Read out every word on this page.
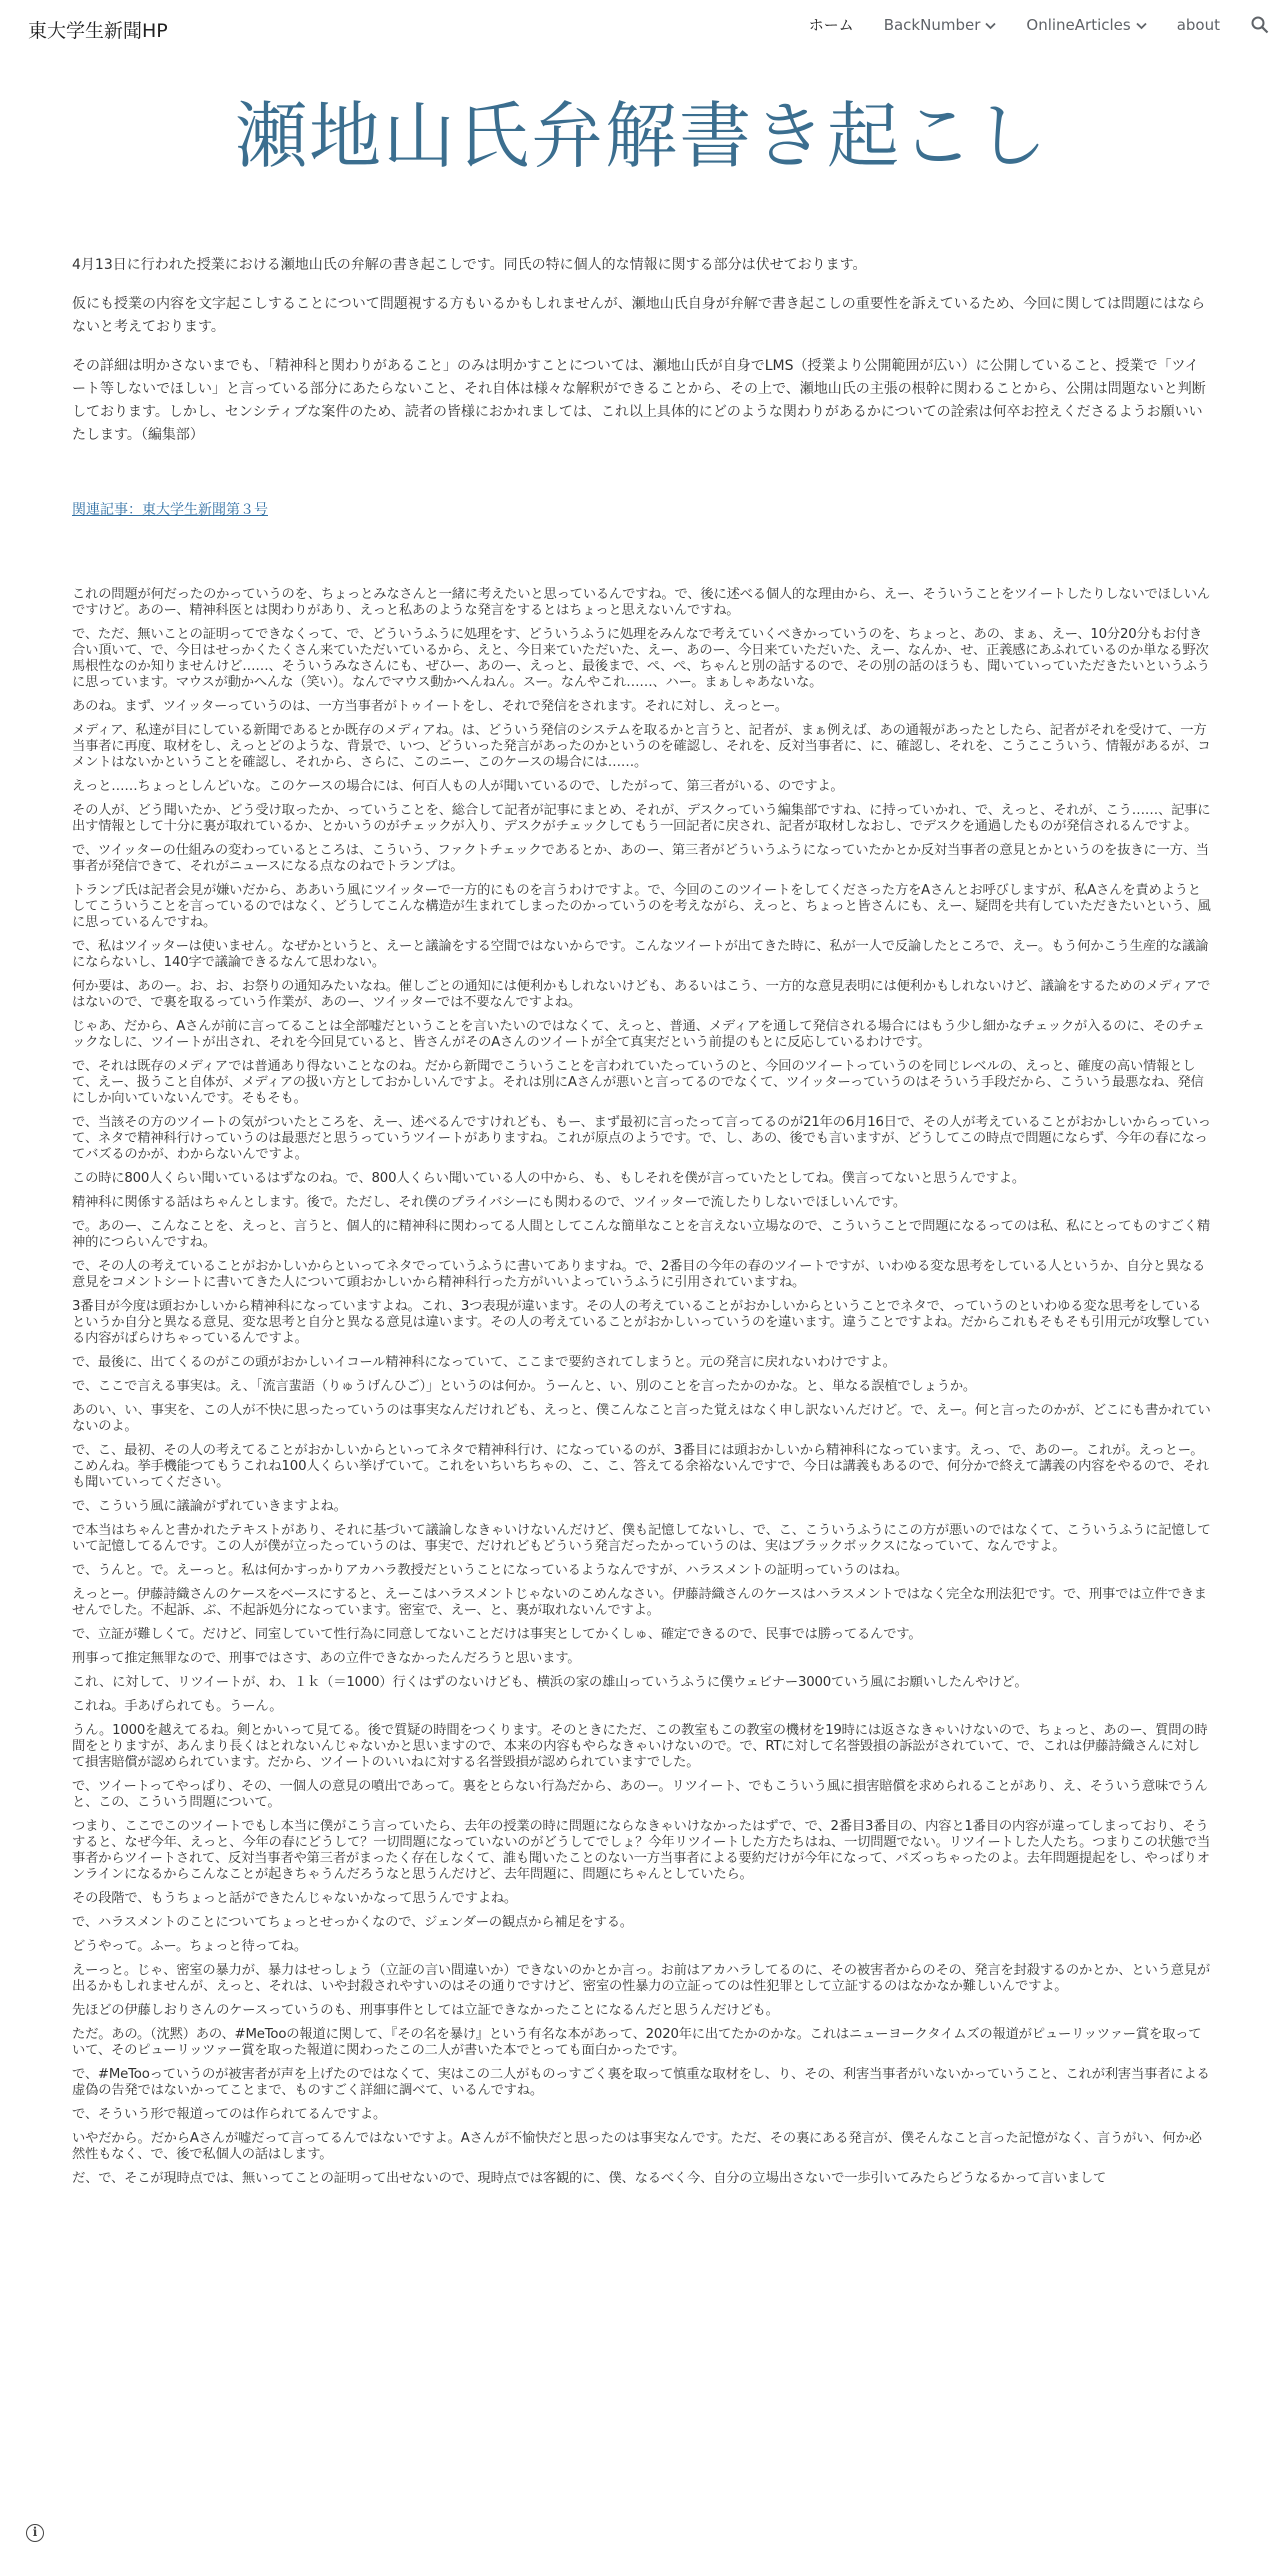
東大学生新聞HP	ホーム BackNumber	OnlineArticles	about
瀬地山氏弁解書き起こし

4月13日に行われた授業における瀬地山氏の弁解の書き起こしです。同氏の特に個人的な情報に関する部分は伏せております。

仮にも授業の内容を文字起こしすることについて問題視する方もいるかもしれませんが、瀬地山氏自身が弁解で書き起こしの重要性を訴えているため、今回に関しては問題にはならないと考えております。

その詳細は明かさないまでも、「精神科と関わりがあること」のみは明かすことについては、瀬地山氏が自身でLMS（授業より公開範囲が広い）に公開していること、授業で「ツイート等しないでほしい」と言っている部分にあたらないこと、それ自体は様々な解釈ができることから、その上で、瀬地山氏の主張の根幹に関わることから、公開は問題ないと判断しております。しかし、センシティブな案件のため、読者の皆様におかれましては、これ以上具体的にどのような関わりがあるかについての詮索は何卒お控えくださるようお願いいたします。（編集部）

関連記事：東大学生新聞第３号

これの問題が何だったのかっていうのを、ちょっとみなさんと一緒に考えたいと思っているんですね。で、後に述べる個人的な理由から、えー、そういうことをツイートしたりしないでほしいんですけど。あのー、精神科医とは関わりがあり、えっと私あのような発言をするとはちょっと思えないんですね。

で、ただ、無いことの証明ってできなくって、で、どういうふうに処理をす、どういうふうに処理をみんなで考えていくべきかっていうのを、ちょっと、あの、まぁ、えー、10分20分もお付き合い頂いて、で、今日はせっかくたくさん来ていただいているから、えと、今日来ていただいた、えー、あのー、今日来ていただいた、えー、なんか、せ、正義感にあふれているのか単なる野次馬根性なのか知りませんけど……、そういうみなさんにも、ぜひー、あのー、えっと、最後まで、ぺ、ぺ、ちゃんと別の話するので、その別の話のほうも、聞いていっていただきたいというふうに思っています。マウスが動かへんな（笑い）。なんでマウス動かへんねん。スー。なんやこれ……、ハー。まぁしゃあないな。

あのね。まず、ツイッターっていうのは、一方当事者がトゥイートをし、それで発信をされます。それに対し、えっとー。

メディア、私達が目にしている新聞であるとか既存のメディアね。は、どういう発信のシステムを取るかと言うと、記者が、まぁ例えば、あの通報があったとしたら、記者がそれを受けて、一方当事者に再度、取材をし、えっとどのような、背景で、いつ、どういった発言があったのかというのを確認し、それを、反対当事者に、に、確認し、それを、こうここういう、情報があるが、コメントはないかということを確認し、それから、さらに、このニー、このケースの場合には……。

えっと……ちょっとしんどいな。このケースの場合には、何百人もの人が聞いているので、したがって、第三者がいる、のですよ。

その人が、どう聞いたか、どう受け取ったか、っていうことを、総合して記者が記事にまとめ、それが、デスクっていう編集部ですね、に持っていかれ、で、えっと、それが、こう……、記事に出す情報として十分に裏が取れているか、とかいうのがチェックが入り、デスクがチェックしてもう一回記者に戻され、記者が取材しなおし、でデスクを通過したものが発信されるんですよ。

で、ツイッターの仕組みの変わっているところは、こういう、ファクトチェックであるとか、あのー、第三者がどういうふうになっていたかとか反対当事者の意見とかというのを抜きに一方、当事者が発信できて、それがニュースになる点なのねでトランプは。

トランプ氏は記者会見が嫌いだから、ああいう風にツイッターで一方的にものを言うわけですよ。で、今回のこのツイートをしてくださった方をAさんとお呼びしますが、私Aさんを責めようとしてこういうことを言っているのではなく、どうしてこんな構造が生まれてしまったのかっていうのを考えながら、えっと、ちょっと皆さんにも、えー、疑問を共有していただきたいという、風に思っているんですね。

で、私はツイッターは使いません。なぜかというと、えーと議論をする空間ではないからです。こんなツイートが出てきた時に、私が一人で反論したところで、えー。もう何かこう生産的な議論にならないし、140字で議論できるなんて思わない。

何か要は、あのー。お、お、お祭りの通知みたいなね。催しごとの通知には便利かもしれないけども、あるいはこう、一方的な意見表明には便利かもしれないけど、議論をするためのメディアではないので、で裏を取るっていう作業が、あのー、ツイッターでは不要なんですよね。

じゃあ、だから、Aさんが前に言ってることは全部嘘だということを言いたいのではなくて、えっと、普通、メディアを通して発信される場合にはもう少し細かなチェックが入るのに、そのチェックなしに、ツイートが出され、それを今回見ていると、皆さんがそのAさんのツイートが全て真実だという前提のもとに反応しているわけです。

で、それは既存のメディアでは普通あり得ないことなのね。だから新聞でこういうことを言われていたっていうのと、今回のツイートっていうのを同じレベルの、えっと、確度の高い情報として、えー、扱うこと自体が、メディアの扱い方としておかしいんですよ。それは別にAさんが悪いと言ってるのでなくて、ツイッターっていうのはそういう手段だから、こういう最悪なね、発信にしか向いていないんです。そもそも。

で、当該その方のツイートの気がついたところを、えー、述べるんですけれども、もー、まず最初に言ったって言ってるのが21年の6月16日で、その人が考えていることがおかしいからっていって、ネタで精神科行けっていうのは最悪だと思うっていうツイートがありますね。これが原点のようです。で、し、あの、後でも言いますが、どうしてこの時点で問題にならず、今年の春になってバズるのかが、わからないんですよ。

この時に800人くらい聞いているはずなのね。で、800人くらい聞いている人の中から、も、もしそれを僕が言っていたとしてね。僕言ってないと思うんですよ。

精神科に関係する話はちゃんとします。後で。ただし、それ僕のプライバシーにも関わるので、ツイッターで流したりしないでほしいんです。

で。あのー、こんなことを、えっと、言うと、個人的に精神科に関わってる人間としてこんな簡単なことを言えない立場なので、こういうことで問題になるってのは私、私にとってものすごく精神的につらいんですね。

で、その人の考えていることがおかしいからといってネタでっていうふうに書いてありますね。で、2番目の今年の春のツイートですが、いわゆる変な思考をしている人というか、自分と異なる意見をコメントシートに書いてきた人について頭おかしいから精神科行った方がいいよっていうふうに引用されていますね。

3番目が今度は頭おかしいから精神科になっていますよね。これ、3つ表現が違います。その人の考えていることがおかしいからということでネタで、っていうのといわゆる変な思考をしているというか自分と異なる意見、変な思考と自分と異なる意見は違います。その人の考えていることがおかしいっていうのを違います。違うことですよね。だからこれもそもそも引用元が攻撃している内容がばらけちゃっているんですよ。

で、最後に、出てくるのがこの頭がおかしいイコール精神科になっていて、ここまで要約されてしまうと。元の発言に戻れないわけですよ。

で、ここで言える事実は。え、「流言蜚語（りゅうげんひご）」というのは何か。うーんと、い、別のことを言ったかのかな。と、単なる誤植でしょうか。

あのい、い、事実を、この人が不快に思ったっていうのは事実なんだけれども、えっと、僕こんなこと言った覚えはなく申し訳ないんだけど。で、えー。何と言ったのかが、どこにも書かれていないのよ。

で、こ、最初、その人の考えてることがおかしいからといってネタで精神科行け、になっているのが、3番目には頭おかしいから精神科になっています。えっ、で、あのー。これが。えっとー。こめんね。挙手機能つてもうこれね100人くらい挙げていて。これをいちいちちゃの、こ、こ、答えてる余裕ないんですで、今日は講義もあるので、何分かで終えて講義の内容をやるので、それも聞いていってください。

で、こういう風に議論がずれていきますよね。

で本当はちゃんと書かれたテキストがあり、それに基づいて議論しなきゃいけないんだけど、僕も記憶してないし、で、こ、こういうふうにこの方が悪いのではなくて、こういうふうに記憶していて記憶してるんです。この人が僕が立ったっていうのは、事実で、だけれどもどういう発言だったかっていうのは、実はブラックボックスになっていて、なんですよ。

で、うんと。で。えーっと。私は何かすっかりアカハラ教授だということになっているようなんですが、ハラスメントの証明っていうのはね。

えっとー。伊藤詩織さんのケースをベースにすると、えーこはハラスメントじゃないのこめんなさい。伊藤詩織さんのケースはハラスメントではなく完全な刑法犯です。で、刑事では立件できませんでした。不起訴、ぶ、不起訴処分になっています。密室で、えー、と、裏が取れないんですよ。

で、立証が難しくて。だけど、同室していて性行為に同意してないことだけは事実としてかくしゅ、確定できるので、民事では勝ってるんです。

刑事って推定無罪なので、刑事ではさす、あの立件できなかったんだろうと思います。

これ、に対して、リツイートが、わ、１ｋ（＝1000）行くはずのないけども、横浜の家の雄山っていうふうに僕ウェビナー3000ていう風にお願いしたんやけど。

これね。手あげられても。うーん。

うん。1000を越えてるね。剣とかいって見てる。後で質疑の時間をつくります。そのときにただ、この教室もこの教室の機材を19時には返さなきゃいけないので、ちょっと、あのー、質問の時間をとりますが、あんまり長くはとれないんじゃないかと思いますので、本来の内容もやらなきゃいけないので。で、RTに対して名誉毀損の訴訟がされていて、で、これは伊藤詩織さんに対して損害賠償が認められています。だから、ツイートのいいねに対する名誉毀損が認められていますでした。

で、ツイートってやっぱり、その、一個人の意見の噴出であって。裏をとらない行為だから、あのー。リツイート、でもこういう風に損害賠償を求められることがあり、え、そういう意味でうんと、この、こういう問題について。

つまり、ここでこのツイートでもし本当に僕がこう言っていたら、去年の授業の時に問題にならなきゃいけなかったはずで、で、2番目3番目の、内容と1番目の内容が違ってしまっており、そうすると、なぜ今年、えっと、今年の春にどうして？一切問題になっていないのがどうしてでしょ？今年リツイートした方たちはね、一切問題でない。リツイートした人たち。つまりこの状態で当事者からツイートされて、反対当事者や第三者がまったく存在しなくて、誰も聞いたことのない一方当事者による要約だけが今年になって、バズっちゃったのよ。去年問題提起をし、やっぱりオンラインになるからこんなことが起きちゃうんだろうなと思うんだけど、去年問題に、問題にちゃんとしていたら。

その段階で、もうちょっと話ができたんじゃないかなって思うんですよね。

で、ハラスメントのことについてちょっとせっかくなので、ジェンダーの観点から補足をする。

どうやって。ふー。ちょっと待ってね。

えーっと。じゃ、密室の暴力が、暴力はせっしょう（立証の言い間違いか）できないのかとか言っ。お前はアカハラしてるのに、その被害者からのその、発言を封殺するのかとか、という意見が出るかもしれませんが、えっと、それは、いや封殺されやすいのはその通りですけど、密室の性暴力の立証ってのは性犯罪として立証するのはなかなか難しいんですよ。

先ほどの伊藤しおりさんのケースっていうのも、刑事事件としては立証できなかったことになるんだと思うんだけども。

ただ。あの。（沈黙）あの、#MeTooの報道に関して、『その名を暴け』という有名な本があって、2020年に出てたかのかな。これはニューヨークタイムズの報道がピューリッツァー賞を取っていて、そのピューリッツァー賞を取った報道に関わったこの二人が書いた本でとっても面白かったです。

で、#MeTooっていうのが被害者が声を上げたのではなくて、実はこの二人がものっすごく裏を取って慎重な取材をし、り、その、利害当事者がいないかっていうこと、これが利害当事者による虚偽の告発ではないかってことまで、ものすごく詳細に調べて、いるんですね。

で、そういう形で報道ってのは作られてるんですよ。

いやだから。だからAさんが嘘だって言ってるんではないですよ。Aさんが不愉快だと思ったのは事実なんです。ただ、その裏にある発言が、僕そんなこと言った記憶がなく、言うがい、何か必然性もなく、で、後で私個人の話はします。

だ、で、そこが現時点では、無いってことの証明って出せないので、現時点では客観的に、僕、なるべく今、自分の立場出さないで一歩引いてみたらどうなるかって言いまして

i
